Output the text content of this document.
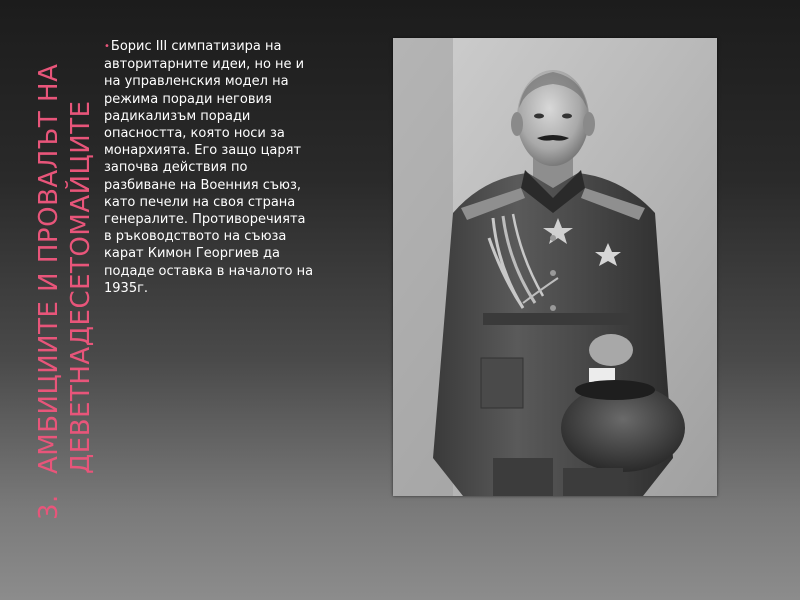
3.АМБИЦИИТЕ И ПРОВАЛЪТ НА ДЕВЕТНАДЕСЕТОМАЙЦИТЕ
•Борис III симпатизира на авторитарните идеи, но не и на управленския модел на режима поради неговия радикализъм поради опасността, която носи за монархията. Его защо царят започва действия по разбиване на Военния съюз, като печели на своя страна генералите. Противоречията в ръководството на съюза карат Кимон Георгиев да подаде оставка в началото на 1935г.
